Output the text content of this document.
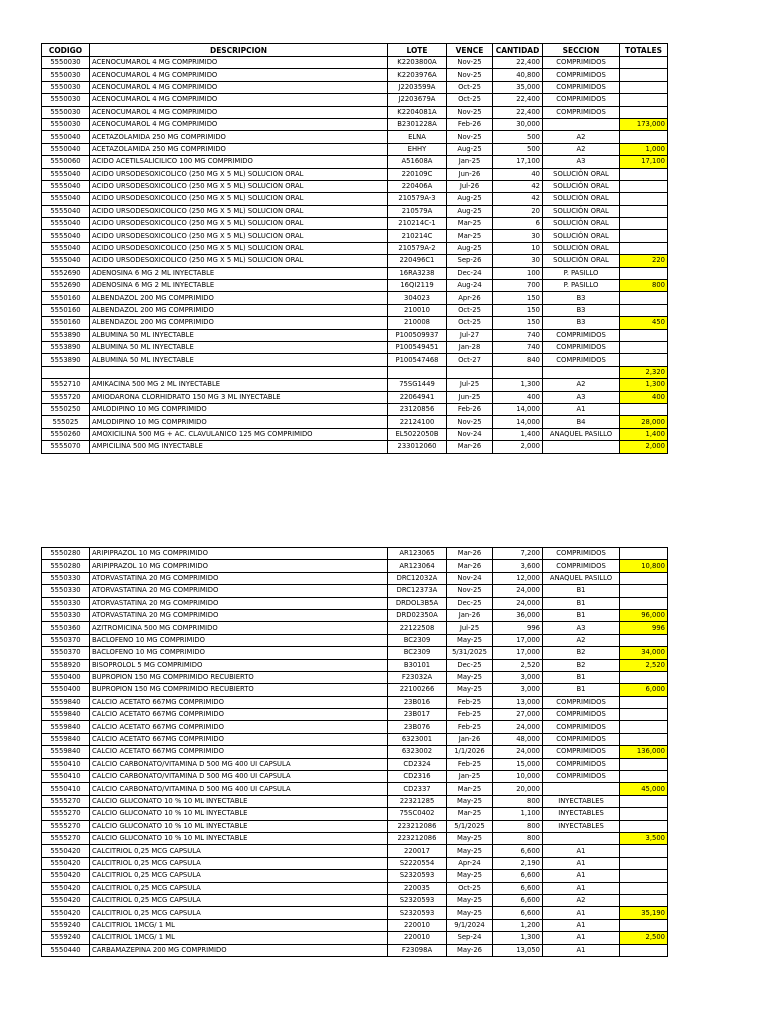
CODIGO	DESCRIPCION	LOTE	VENCE	CANTIDAD	SECCION	TOTALES
5550030	ACENOCUMAROL 4 MG COMPRIMIDO	K2203800A	Nov-25	22,400	COMPRIMIDOS	
5550030	ACENOCUMAROL 4 MG COMPRIMIDO	K2203976A	Nov-25	40,800	COMPRIMIDOS	
5550030	ACENOCUMAROL 4 MG COMPRIMIDO	J2203599A	Oct-25	35,000	COMPRIMIDOS	
5550030	ACENOCUMAROL 4 MG COMPRIMIDO	J2203679A	Oct-25	22,400	COMPRIMIDOS	
5550030	ACENOCUMAROL 4 MG COMPRIMIDO	K2204081A	Nov-25	22,400	COMPRIMIDOS	
5550030	ACENOCUMAROL 4 MG COMPRIMIDO	B2301228A	Feb-26	30,000		173,000
5550040	ACETAZOLAMIDA 250 MG COMPRIMIDO	ELNA	Nov-25	500	A2	
5550040	ACETAZOLAMIDA 250 MG COMPRIMIDO	EHHY	Aug-25	500	A2	1,000
5550060	ACIDO ACETILSALICILICO 100 MG COMPRIMIDO	A51608A	Jan-25	17,100	A3	17,100
5555040	ACIDO URSODESOXICOLICO (250 MG X 5 ML) SOLUCION ORAL	220109C	Jun-26	40	SOLUCIÓN ORAL	
5555040	ACIDO URSODESOXICOLICO (250 MG X 5 ML) SOLUCION ORAL	220406A	Jul-26	42	SOLUCIÓN ORAL	
5555040	ACIDO URSODESOXICOLICO (250 MG X 5 ML) SOLUCION ORAL	210579A-3	Aug-25	42	SOLUCIÓN ORAL	
5555040	ACIDO URSODESOXICOLICO (250 MG X 5 ML) SOLUCION ORAL	210579A	Aug-25	20	SOLUCIÓN ORAL	
5555040	ACIDO URSODESOXICOLICO (250 MG X 5 ML) SOLUCION ORAL	210214C-1	Mar-25	6	SOLUCIÓN ORAL	
5555040	ACIDO URSODESOXICOLICO (250 MG X 5 ML) SOLUCION ORAL	210214C	Mar-25	30	SOLUCIÓN ORAL	
5555040	ACIDO URSODESOXICOLICO (250 MG X 5 ML) SOLUCION ORAL	210579A-2	Aug-25	10	SOLUCIÓN ORAL	
5555040	ACIDO URSODESOXICOLICO (250 MG X 5 ML) SOLUCION ORAL	220496C1	Sep-26	30	SOLUCIÓN ORAL	220
5552690	ADENOSINA 6 MG 2 ML INYECTABLE	16RA3238	Dec-24	100	P. PASILLO	
5552690	ADENOSINA 6 MG 2 ML INYECTABLE	16QI2119	Aug-24	700	P. PASILLO	800
5550160	ALBENDAZOL 200 MG COMPRIMIDO	304023	Apr-26	150	B3	
5550160	ALBENDAZOL 200 MG COMPRIMIDO	210010	Oct-25	150	B3	
5550160	ALBENDAZOL 200 MG COMPRIMIDO	210008	Oct-25	150	B3	450
5553890	ALBUMINA 50 ML INYECTABLE	P100509937	Jul-27	740	COMPRIMIDOS	
5553890	ALBUMINA 50 ML INYECTABLE	P100549451	Jan-28	740	COMPRIMIDOS	
5553890	ALBUMINA 50 ML INYECTABLE	P100547468	Oct-27	840	COMPRIMIDOS	
						2,320
5552710	AMIKACINA 500 MG 2 ML INYECTABLE	75SG1449	Jul-25	1,300	A2	1,300
5555720	AMIODARONA CLORHIDRATO 150 MG 3 ML INYECTABLE	22064941	Jun-25	400	A3	400
5550250	AMLODIPINO 10 MG COMPRIMIDO	23120856	Feb-26	14,000	A1	
555025	AMLODIPINO 10 MG COMPRIMIDO	22124100	Nov-25	14,000	B4	28,000
5550260	AMOXICILINA 500 MG + AC. CLAVULANICO 125 MG COMPRIMIDO	EL5022050B	Nov-24	1,400	ANAQUEL PASILLO	1,400
5555070	AMPICILINA 500 MG INYECTABLE	233012060	Mar-26	2,000		2,000
5550280	ARIPIPRAZOL 10 MG COMPRIMIDO	AR123065	Mar-26	7,200	COMPRIMIDOS	
5550280	ARIPIPRAZOL 10 MG COMPRIMIDO	AR123064	Mar-26	3,600	COMPRIMIDOS	10,800
5550330	ATORVASTATINA 20 MG COMPRIMIDO	DRC12032A	Nov-24	12,000	ANAQUEL PASILLO	
5550330	ATORVASTATINA 20 MG COMPRIMIDO	DRC12373A	Nov-25	24,000	B1	
5550330	ATORVASTATINA 20 MG COMPRIMIDO	DRDOL3B5A	Dec-25	24,000	B1	
5550330	ATORVASTATINA 20 MG COMPRIMIDO	DRD02350A	Jan-26	36,000	B1	96,000
5550360	AZITROMICINA 500 MG COMPRIMIDO	22122508	Jul-25	996	A3	996
5550370	BACLOFENO 10 MG COMPRIMIDO	BC2309	May-25	17,000	A2	
5550370	BACLOFENO 10 MG COMPRIMIDO	BC2309	5/31/2025	17,000	B2	34,000
5558920	BISOPROLOL 5 MG COMPRIMIDO	B30101	Dec-25	2,520	B2	2,520
5550400	BUPROPION 150 MG COMPRIMIDO RECUBIERTO	F23032A	May-25	3,000	B1	
5550400	BUPROPION 150 MG COMPRIMIDO RECUBIERTO	22100266	May-25	3,000	B1	6,000
5559840	CALCIO ACETATO 667MG COMPRIMIDO	23B016	Feb-25	13,000	COMPRIMIDOS	
5559840	CALCIO ACETATO 667MG COMPRIMIDO	23B017	Feb-25	27,000	COMPRIMIDOS	
5559840	CALCIO ACETATO 667MG COMPRIMIDO	23B076	Feb-25	24,000	COMPRIMIDOS	
5559840	CALCIO ACETATO 667MG COMPRIMIDO	6323001	Jan-26	48,000	COMPRIMIDOS	
5559840	CALCIO ACETATO 667MG COMPRIMIDO	6323002	1/1/2026	24,000	COMPRIMIDOS	136,000
5550410	CALCIO CARBONATO/VITAMINA D 500 MG 400 UI CAPSULA	CD2324	Feb-25	15,000	COMPRIMIDOS	
5550410	CALCIO CARBONATO/VITAMINA D 500 MG 400 UI CAPSULA	CD2316	Jan-25	10,000	COMPRIMIDOS	
5550410	CALCIO CARBONATO/VITAMINA D 500 MG 400 UI CAPSULA	CD2337	Mar-25	20,000		45,000
5555270	CALCIO GLUCONATO 10 % 10 ML INYECTABLE	22321285	May-25	800	INYECTABLES	
5555270	CALCIO GLUCONATO 10 % 10 ML INYECTABLE	75SC0402	Mar-25	1,100	INYECTABLES	
5555270	CALCIO GLUCONATO 10 % 10 ML INYECTABLE	223212086	5/1/2025	800	INYECTABLES	
5555270	CALCIO GLUCONATO 10 % 10 ML INYECTABLE	223212086	May-25	800		3,500
5550420	CALCITRIOL 0,25 MCG CAPSULA	220017	May-25	6,600	A1	
5550420	CALCITRIOL 0,25 MCG CAPSULA	S2220554	Apr-24	2,190	A1	
5550420	CALCITRIOL 0,25 MCG CAPSULA	S2320593	May-25	6,600	A1	
5550420	CALCITRIOL 0,25 MCG CAPSULA	220035	Oct-25	6,600	A1	
5550420	CALCITRIOL 0,25 MCG CAPSULA	S2320593	May-25	6,600	A2	
5550420	CALCITRIOL 0,25 MCG CAPSULA	S2320593	May-25	6,600	A1	35,190
5559240	CALCITRIOL 1MCG/ 1 ML	220010	9/1/2024	1,200	A1	
5559240	CALCITRIOL 1MCG/ 1 ML	220010	Sep-24	1,300	A1	2,500
5550440	CARBAMAZEPINA 200 MG COMPRIMIDO	F23098A	May-26	13,050	A1	
